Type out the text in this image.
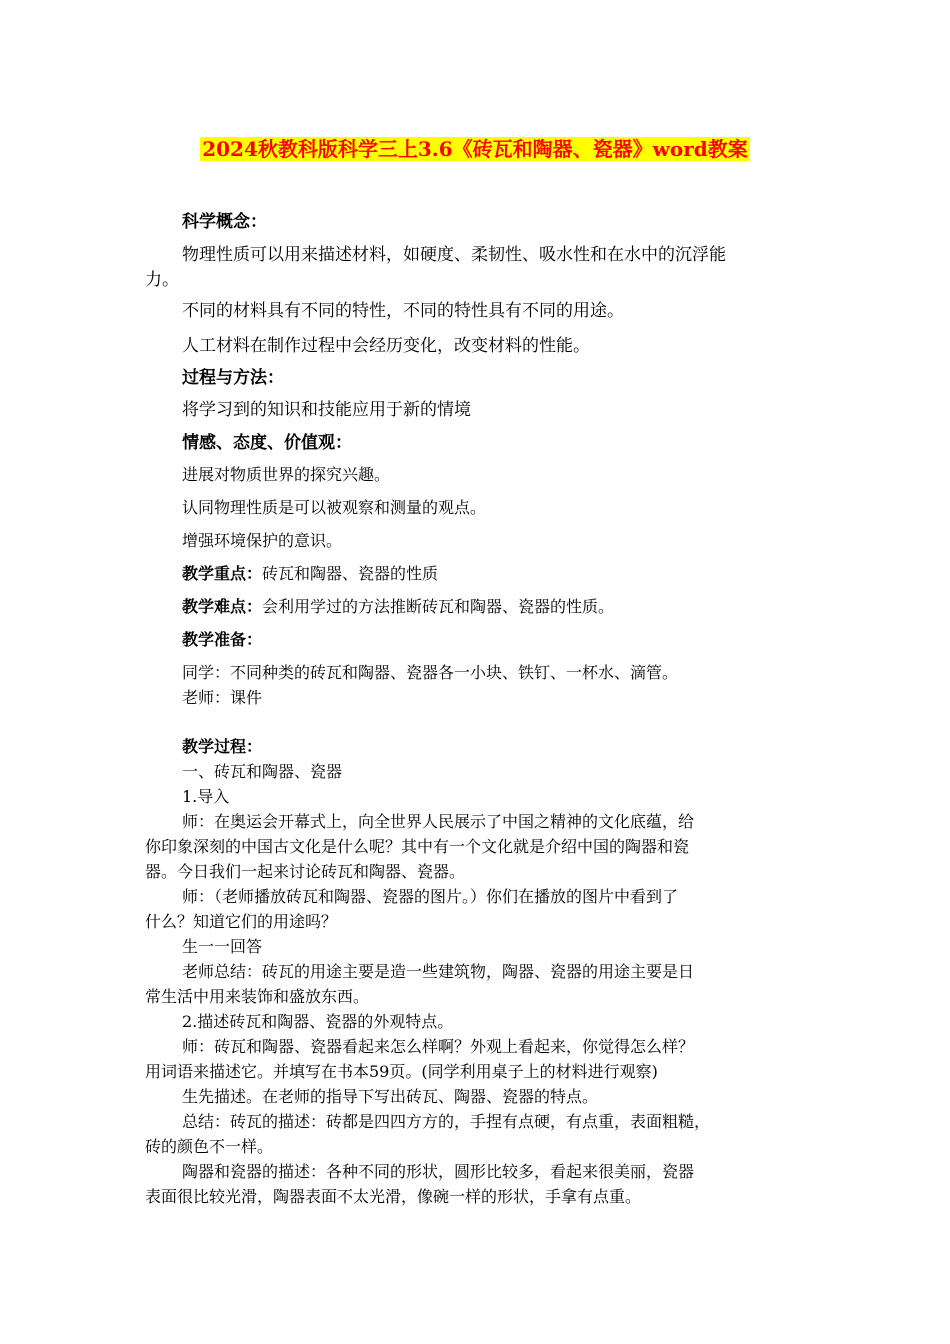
2024秋教科版科学三上3.6《砖瓦和陶器、瓷器》word教案
科学概念：
物理性质可以用来描述材料，如硬度、柔韧性、吸水性和在水中的沉浮能
力。
不同的材料具有不同的特性，不同的特性具有不同的用途。
人工材料在制作过程中会经历变化，改变材料的性能。
过程与方法：
将学习到的知识和技能应用于新的情境
情感、态度、价值观：
进展对物质世界的探究兴趣。
认同物理性质是可以被观察和测量的观点。
增强环境保护的意识。
教学重点：砖瓦和陶器、瓷器的性质
教学难点：会利用学过的方法推断砖瓦和陶器、瓷器的性质。
教学准备：
同学：不同种类的砖瓦和陶器、瓷器各一小块、铁钉、一杯水、滴管。
老师：课件
教学过程：
一、砖瓦和陶器、瓷器
1.导入
师：在奥运会开幕式上，向全世界人民展示了中国之精神的文化底蕴，给
你印象深刻的中国古文化是什么呢？其中有一个文化就是介绍中国的陶器和瓷
器。今日我们一起来讨论砖瓦和陶器、瓷器。
师：（老师播放砖瓦和陶器、瓷器的图片。）你们在播放的图片中看到了
什么？知道它们的用途吗？
生一一回答
老师总结：砖瓦的用途主要是造一些建筑物，陶器、瓷器的用途主要是日
常生活中用来装饰和盛放东西。
2.描述砖瓦和陶器、瓷器的外观特点。
师：砖瓦和陶器、瓷器看起来怎么样啊？外观上看起来，你觉得怎么样？
用词语来描述它。并填写在书本59页。(同学利用桌子上的材料进行观察)
生先描述。在老师的指导下写出砖瓦、陶器、瓷器的特点。
总结：砖瓦的描述：砖都是四四方方的，手捏有点硬，有点重，表面粗糙，
砖的颜色不一样。
陶器和瓷器的描述：各种不同的形状，圆形比较多，看起来很美丽，瓷器
表面很比较光滑，陶器表面不太光滑，像碗一样的形状，手拿有点重。
